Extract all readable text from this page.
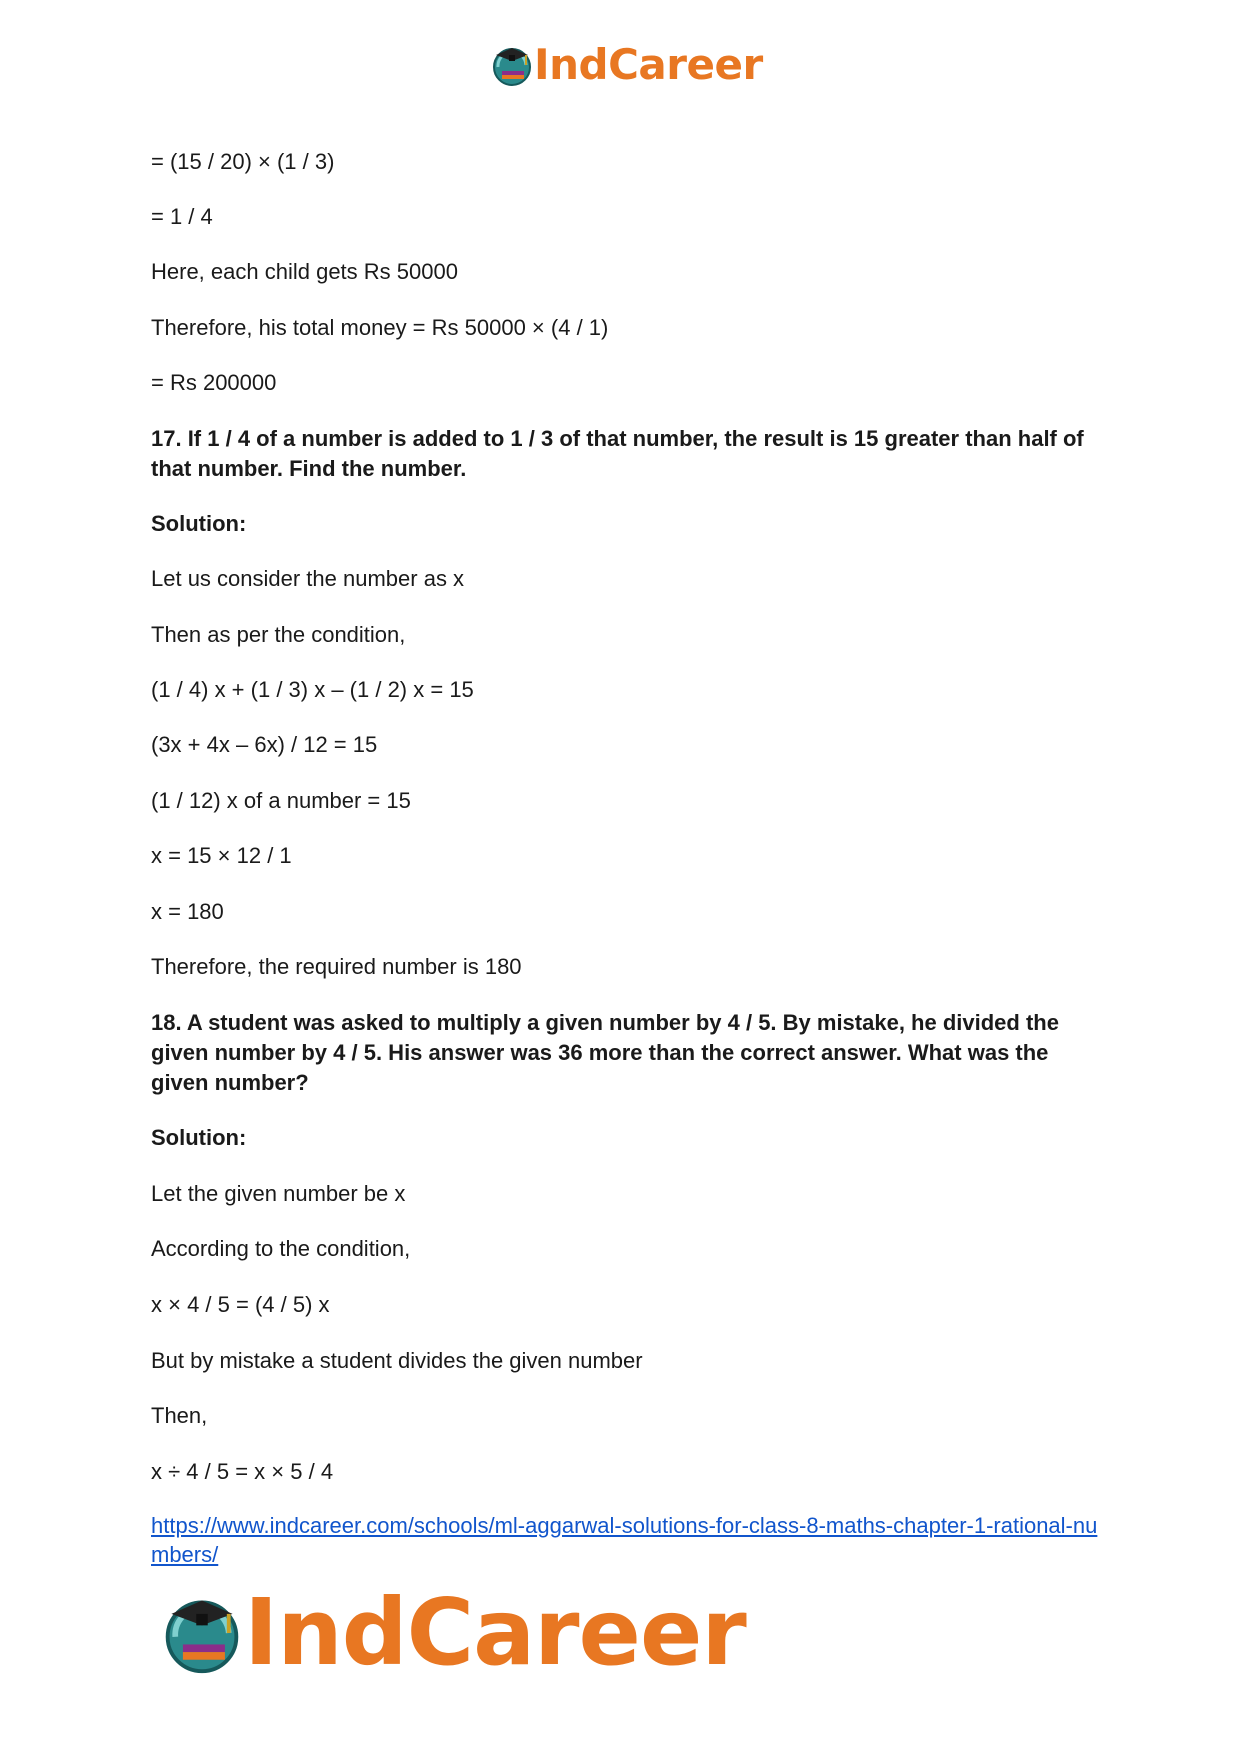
IndCareer
= (15 / 20) × (1 / 3)
= 1 / 4
Here, each child gets Rs 50000
Therefore, his total money = Rs 50000 × (4 / 1)
= Rs 200000
17. If 1 / 4 of a number is added to 1 / 3 of that number, the result is 15 greater than half of that number. Find the number.
Solution:
Let us consider the number as x
Then as per the condition,
(1 / 4) x + (1 / 3) x – (1 / 2) x = 15
(3x + 4x – 6x) / 12 = 15
(1 / 12) x of a number = 15
x = 15 × 12 / 1
x = 180
Therefore, the required number is 180
18. A student was asked to multiply a given number by 4 / 5. By mistake, he divided the given number by 4 / 5. His answer was 36 more than the correct answer. What was the given number?
Solution:
Let the given number be x
According to the condition,
x × 4 / 5 = (4 / 5) x
But by mistake a student divides the given number
Then,
x ÷ 4 / 5 = x × 5 / 4
https://www.indcareer.com/schools/ml-aggarwal-solutions-for-class-8-maths-chapter-1-rational-numbers/
IndCareer
